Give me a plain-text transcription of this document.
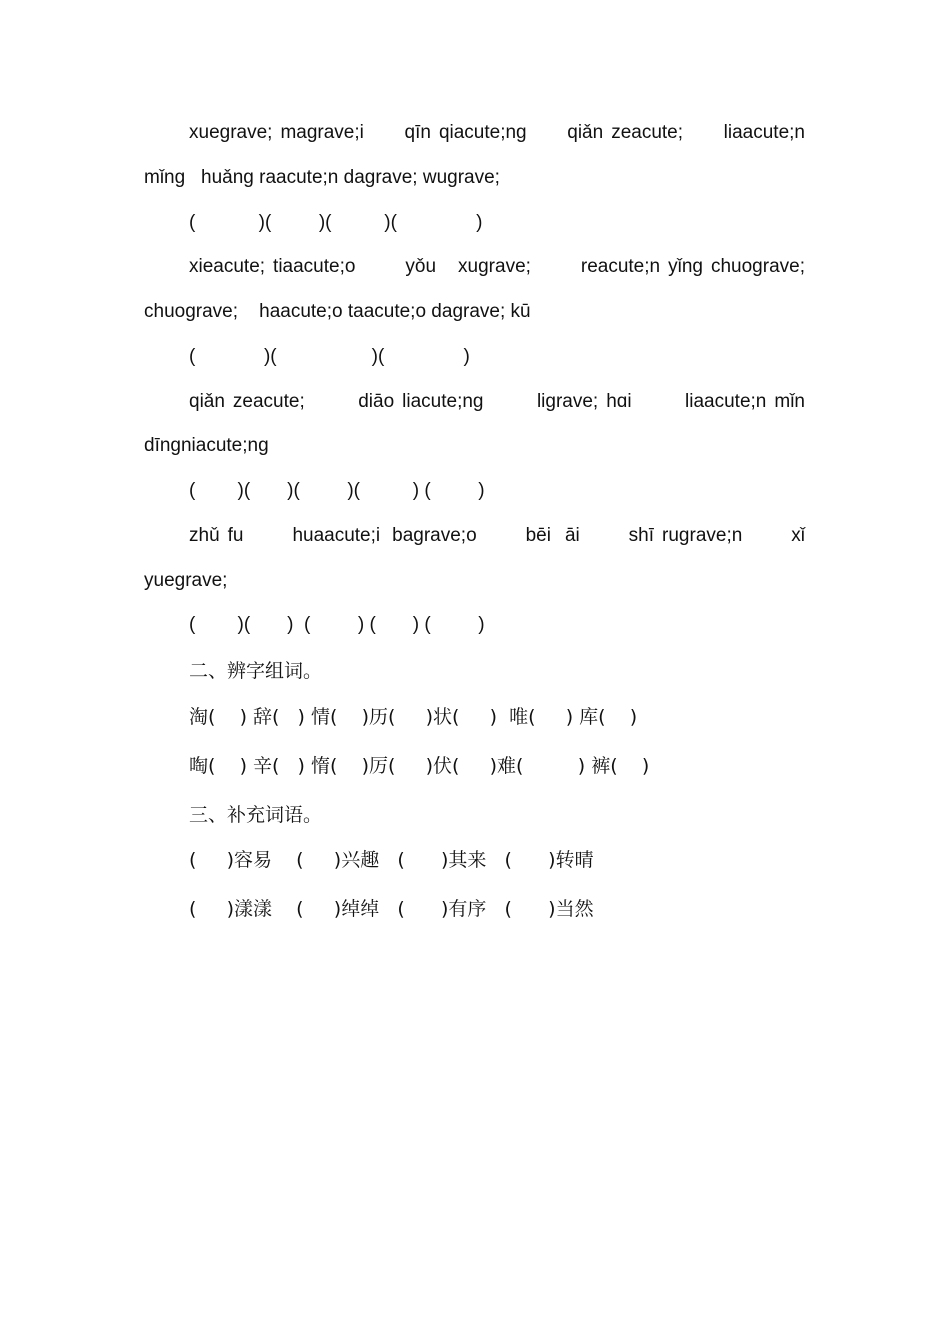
xuegrave; magrave;i qīn qiacute;ng qiǎn zeacute; liaacute;n
mǐng   huǎng raacute;n dagrave; wugrave;
(            )(         )(          )(               )
xieacute; tiaacute;o	yǒu xugrave;	reacute;n yǐng chuograve;
chuograve;    haacute;o taacute;o dagrave; kū
(             )(                  )(               )
qiǎn zeacute;	diāo liacute;ng	ligrave; hɑi	liaacute;n mǐn
dīngniacute;ng
(        )(       )(         )(          ) (         )
zhǔ fu	huaacute;i bagrave;o	bēi āi	shī rugrave;n	xǐ
yuegrave;
(        )(       )  (         ) (       ) (         )
二、辨字组词。
淘(    ) 辞(   ) 情(    )历(     )状(     )  唯(     ) 库(    )
啕(    ) 辛(   ) 惰(    )厉(     )伏(     )难(         ) 裤(    )
三、补充词语。
(     )容易    (     )兴趣   (      )其来   (      )转晴
(     )漾漾    (     )绰绰   (      )有序   (      )当然
